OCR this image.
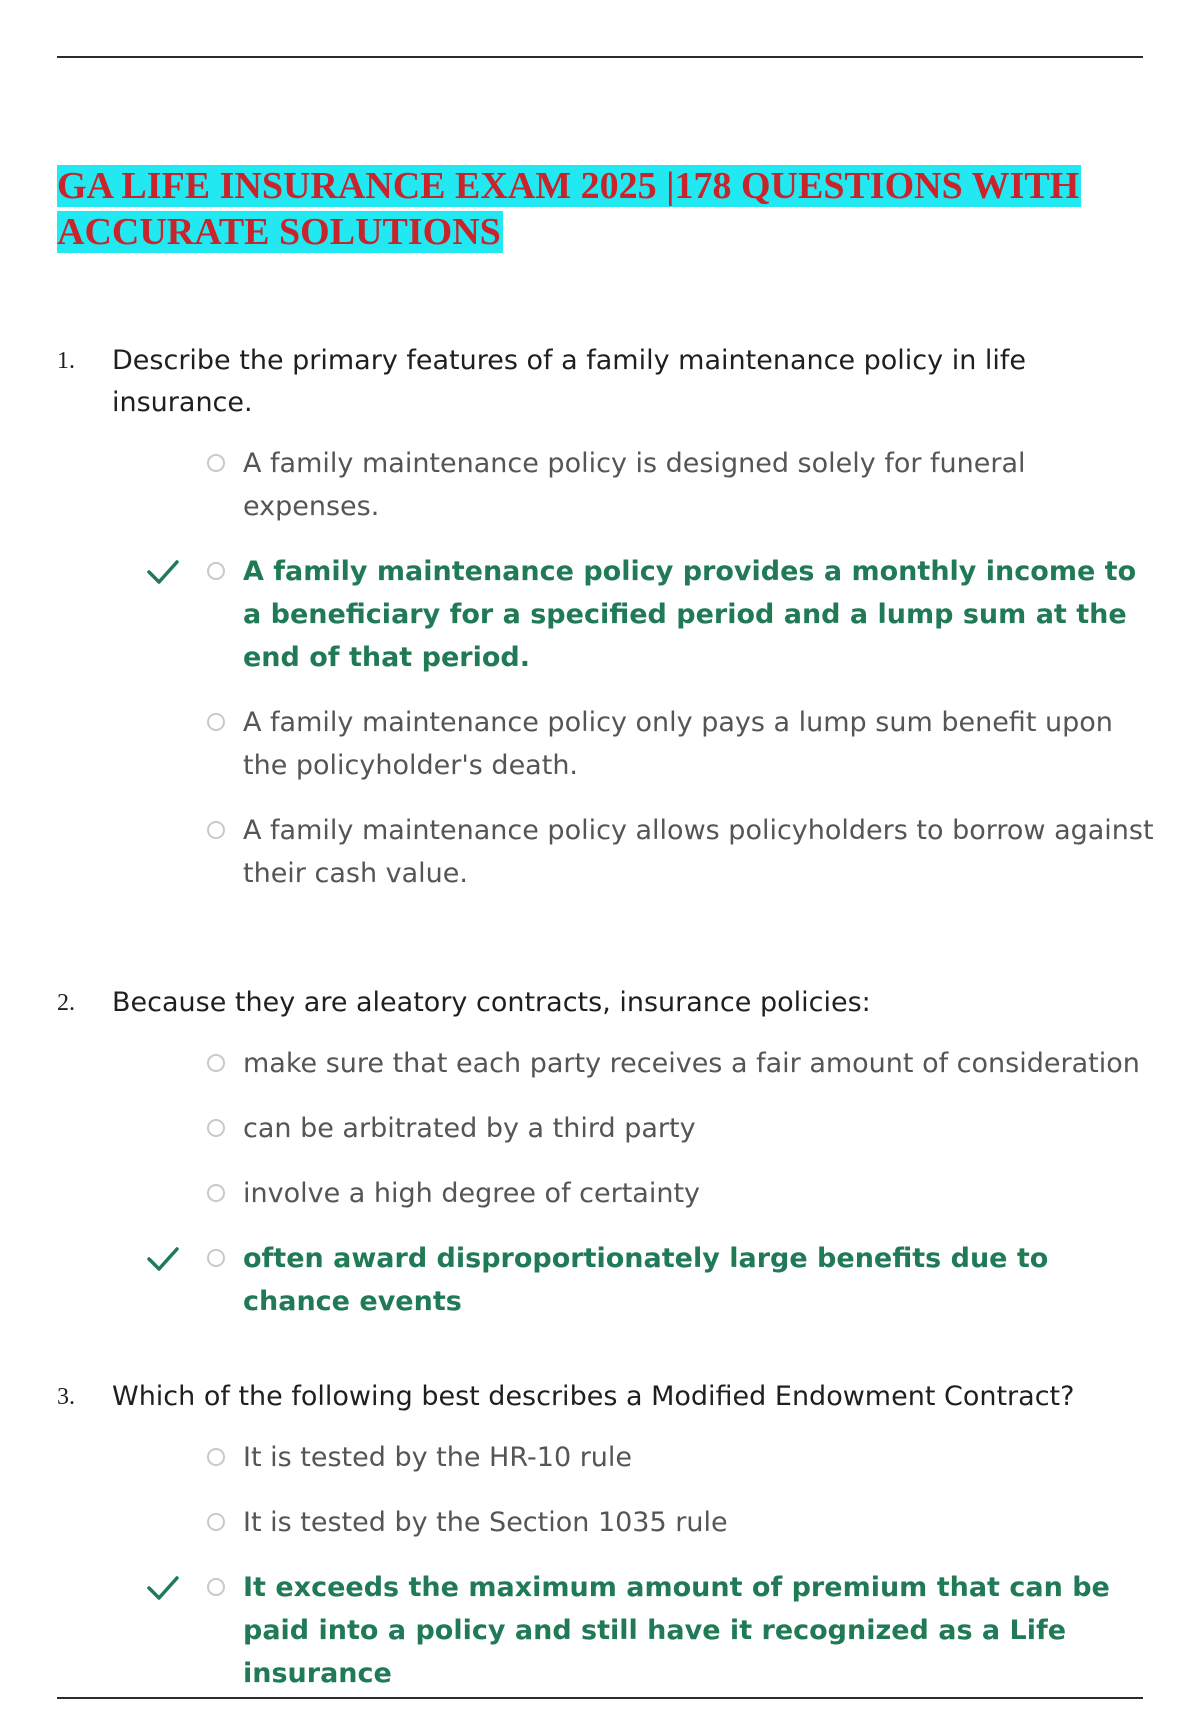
GA LIFE INSURANCE EXAM 2025 |178 QUESTIONS WITH ACCURATE SOLUTIONS
1. Describe the primary features of a family maintenance policy in life insurance.
A family maintenance policy is designed solely for funeral expenses.
A family maintenance policy provides a monthly income to a beneficiary for a specified period and a lump sum at the end of that period.
A family maintenance policy only pays a lump sum benefit upon the policyholder's death.
A family maintenance policy allows policyholders to borrow against their cash value.
2. Because they are aleatory contracts, insurance policies:
make sure that each party receives a fair amount of consideration
can be arbitrated by a third party
involve a high degree of certainty
often award disproportionately large benefits due to chance events
3. Which of the following best describes a Modified Endowment Contract?
It is tested by the HR-10 rule
It is tested by the Section 1035 rule
It exceeds the maximum amount of premium that can be paid into a policy and still have it recognized as a Life insurance
